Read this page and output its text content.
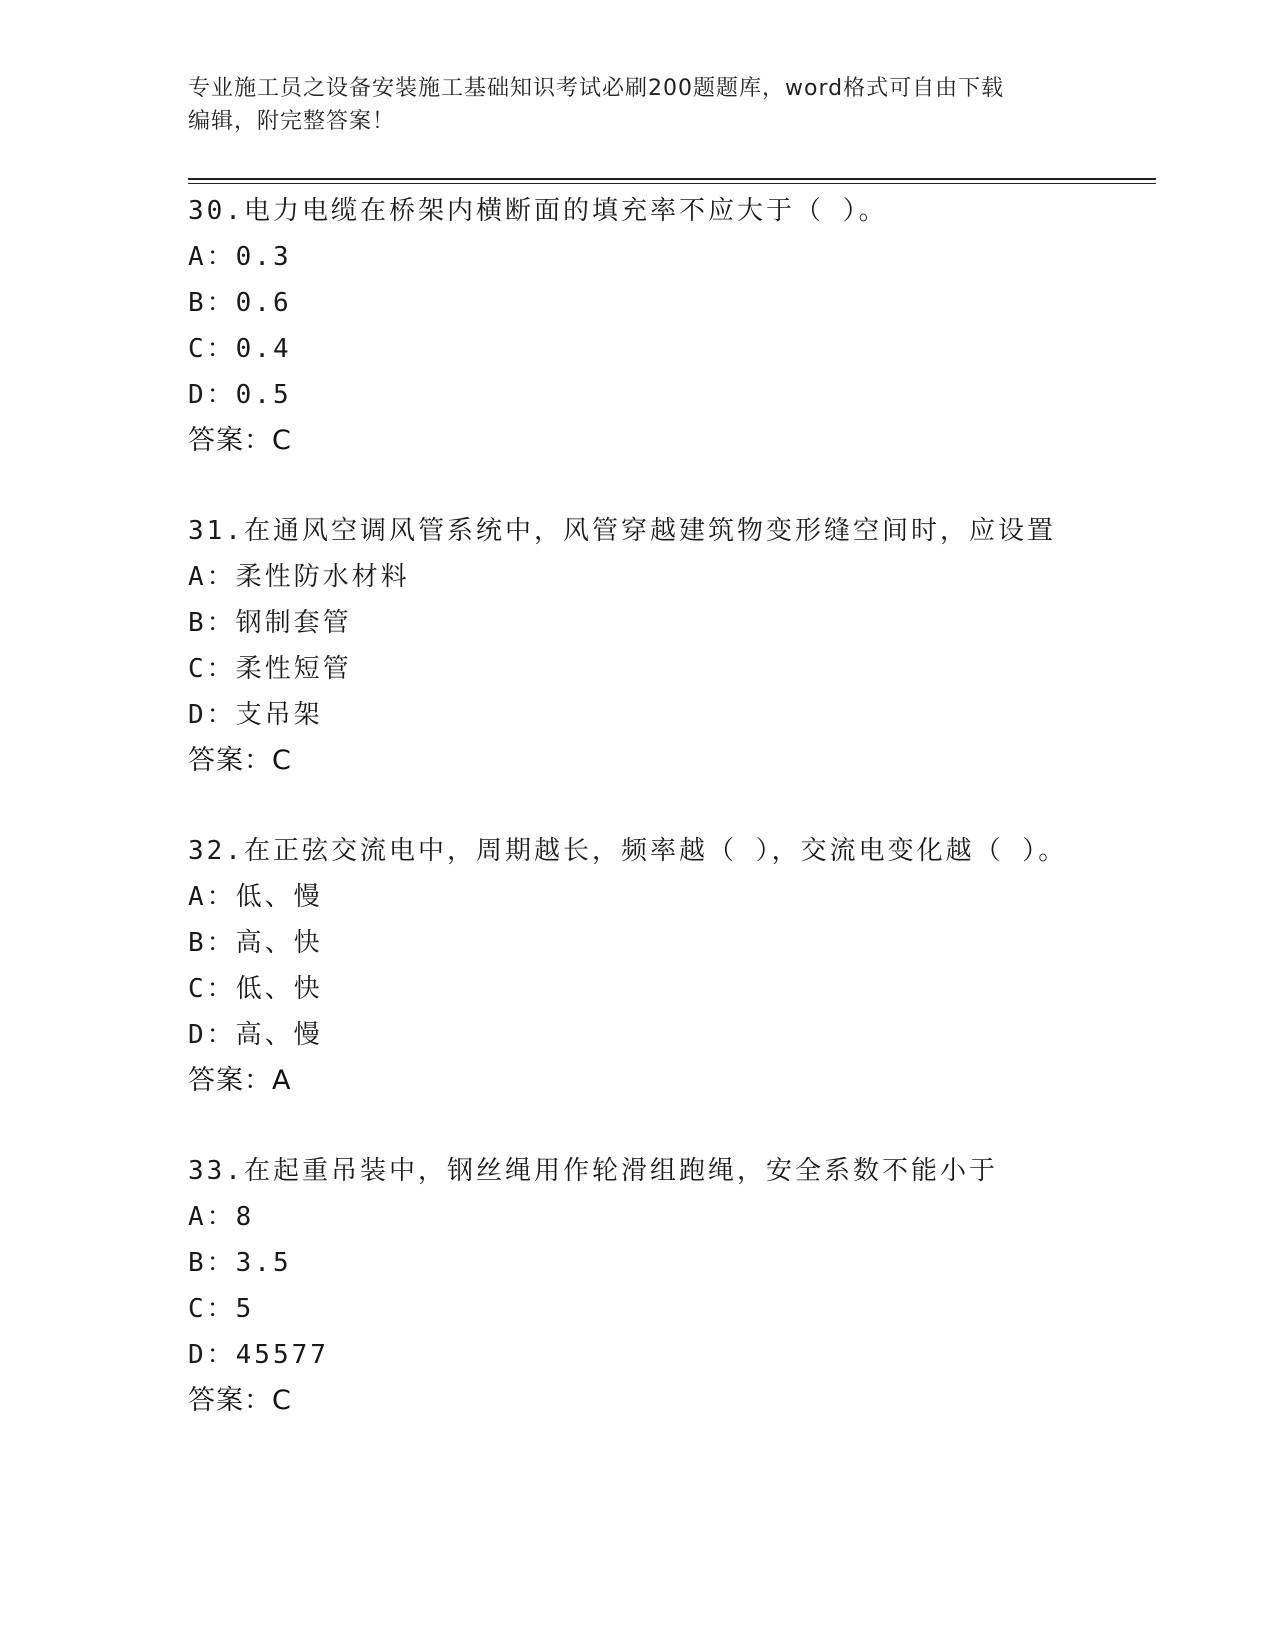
专业施工员之设备安装施工基础知识考试必刷200题题库，word格式可自由下载
编辑，附完整答案！
30.电力电缆在桥架内横断面的填充率不应大于（ ）。
A：0.3
B：0.6
C：0.4
D：0.5
答案：C
31.在通风空调风管系统中，风管穿越建筑物变形缝空间时，应设置
A：柔性防水材料
B：钢制套管
C：柔性短管
D：支吊架
答案：C
32.在正弦交流电中，周期越长，频率越（ ），交流电变化越（ ）。
A：低、慢
B：高、快
C：低、快
D：高、慢
答案：A
33.在起重吊装中，钢丝绳用作轮滑组跑绳，安全系数不能小于
A：8
B：3.5
C：5
D：45577
答案：C
